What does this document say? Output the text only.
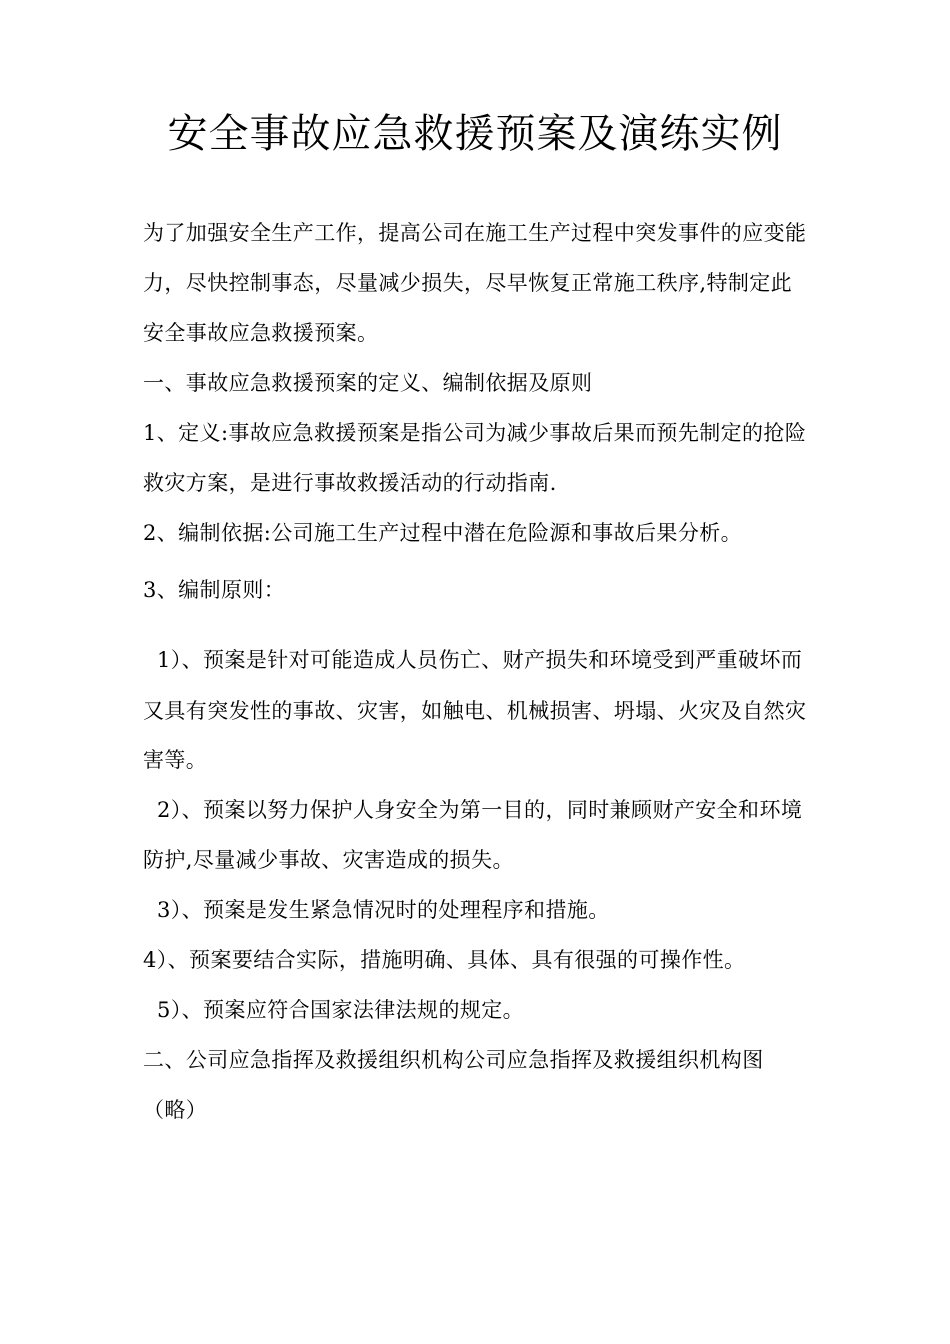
安全事故应急救援预案及演练实例
为了加强安全生产工作，提高公司在施工生产过程中突发事件的应变能
力，尽快控制事态，尽量减少损失，尽早恢复正常施工秩序,特制定此
安全事故应急救援预案。
一、事故应急救援预案的定义、编制依据及原则
1、定义:事故应急救援预案是指公司为减少事故后果而预先制定的抢险
救灾方案，是进行事故救援活动的行动指南.
2、编制依据:公司施工生产过程中潜在危险源和事故后果分析。
3、编制原则：
1）、预案是针对可能造成人员伤亡、财产损失和环境受到严重破坏而
又具有突发性的事故、灾害，如触电、机械损害、坍塌、火灾及自然灾
害等。
2）、预案以努力保护人身安全为第一目的，同时兼顾财产安全和环境
防护,尽量减少事故、灾害造成的损失。
3）、预案是发生紧急情况时的处理程序和措施。
4）、预案要结合实际，措施明确、具体、具有很强的可操作性。
5）、预案应符合国家法律法规的规定。
二、公司应急指挥及救援组织机构公司应急指挥及救援组织机构图
（略）
